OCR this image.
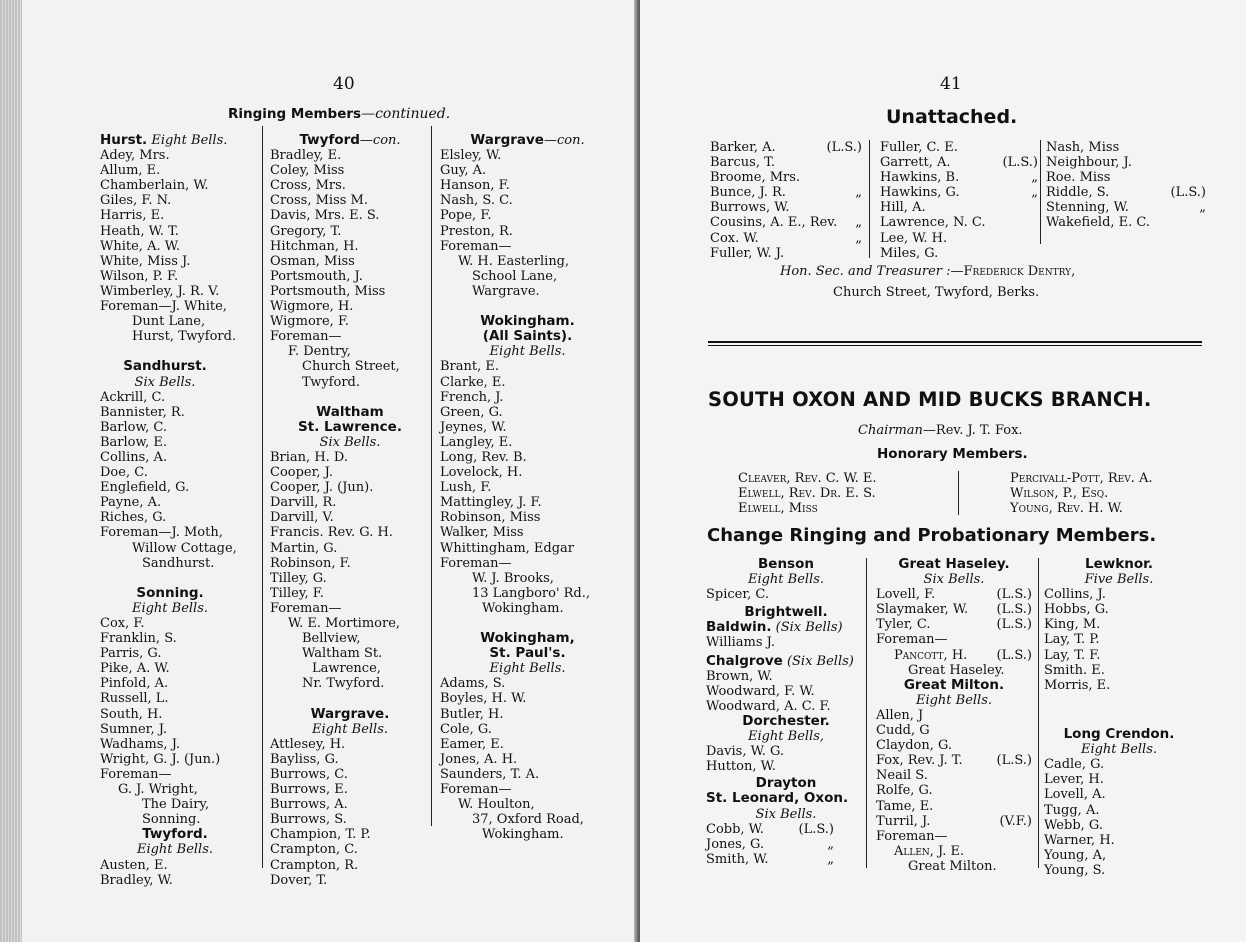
40
Ringing Members—continued.
Hurst. Eight Bells.
Adey, Mrs.
Allum, E.
Chamberlain, W.
Giles, F. N.
Harris, E.
Heath, W. T.
White, A. W.
White, Miss J.
Wilson, P. F.
Wimberley, J. R. V.
Foreman—J. White,
Dunt Lane,
Hurst, Twyford.
Sandhurst.
Six Bells.
Ackrill, C.
Bannister, R.
Barlow, C.
Barlow, E.
Collins, A.
Doe, C.
Englefield, G.
Payne, A.
Riches, G.
Foreman—J. Moth,
Willow Cottage,
Sandhurst.
Sonning.
Eight Bells.
Cox, F.
Franklin, S.
Parris, G.
Pike, A. W.
Pinfold, A.
Russell, L.
South, H.
Sumner, J.
Wadhams, J.
Wright, G. J. (Jun.)
Foreman—
G. J. Wright,
The Dairy,
Sonning.
Twyford.
Eight Bells.
Austen, E.
Bradley, W.
Twyford—con.
Bradley, E.
Coley, Miss
Cross, Mrs.
Cross, Miss M.
Davis, Mrs. E. S.
Gregory, T.
Hitchman, H.
Osman, Miss
Portsmouth, J.
Portsmouth, Miss
Wigmore, H.
Wigmore, F.
Foreman—
F. Dentry,
Church Street,
Twyford.
Waltham
St. Lawrence.
Six Bells.
Brian, H. D.
Cooper, J.
Cooper, J. (Jun).
Darvill, R.
Darvill, V.
Francis. Rev. G. H.
Martin, G.
Robinson, F.
Tilley, G.
Tilley, F.
Foreman—
W. E. Mortimore,
Bellview,
Waltham St.
Lawrence,
Nr. Twyford.
Wargrave.
Eight Bells.
Attlesey, H.
Bayliss, G.
Burrows, C.
Burrows, E.
Burrows, A.
Burrows, S.
Champion, T. P.
Crampton, C.
Crampton, R.
Dover, T.
Wargrave—con.
Elsley, W.
Guy, A.
Hanson, F.
Nash, S. C.
Pope, F.
Preston, R.
Foreman—
W. H. Easterling,
School Lane,
Wargrave.
Wokingham.
(All Saints).
Eight Bells.
Brant, E.
Clarke, E.
French, J.
Green, G.
Jeynes, W.
Langley, E.
Long, Rev. B.
Lovelock, H.
Lush, F.
Mattingley, J. F.
Robinson, Miss
Walker, Miss
Whittingham, Edgar
Foreman—
W. J. Brooks,
13 Langboro' Rd.,
Wokingham.
Wokingham,
St. Paul's.
Eight Bells.
Adams, S.
Boyles, H. W.
Butler, H.
Cole, G.
Eamer, E.
Jones, A. H.
Saunders, T. A.
Foreman—
W. Houlton,
37, Oxford Road,
Wokingham.
41
Unattached.
Barker, A.	(L.S.)
Barcus, T.
Broome, Mrs.
Bunce, J. R.	„
Burrows, W.
Cousins, A. E., Rev. „
Cox. W.	„
Fuller, W. J.
Fuller, C. E.
Garrett, A.	(L.S.)
Hawkins, B.	„
Hawkins, G.	„
Hill, A.
Lawrence, N. C.
Lee, W. H.
Miles, G.
Nash, Miss
Neighbour, J.
Roe. Miss
Riddle, S.	(L.S.)
Stenning, W.	„
Wakefield, E. C.
Hon. Sec. and Treasurer :—Frederick Dentry,
Church Street, Twyford, Berks.
SOUTH OXON AND MID BUCKS BRANCH.
Chairman—Rev. J. T. Fox.
Honorary Members.
Cleaver, Rev. C. W. E.
Elwell, Rev. Dr. E. S.
Elwell, Miss
Percivall-Pott, Rev. A.
Wilson, P., Esq.
Young, Rev. H. W.
Change Ringing and Probationary Members.
Benson
Eight Bells.
Spicer, C.
Brightwell.
Baldwin. (Six Bells)
Williams J.
Chalgrove (Six Bells)
Brown, W.
Woodward, F. W.
Woodward, A. C. F.
Dorchester.
Eight Bells,
Davis, W. G.
Hutton, W.
Drayton
St. Leonard, Oxon.
Six Bells.
Cobb, W.	(L.S.)
Jones, G.	„
Smith, W.	„
Great Haseley.
Six Bells.
Lovell, F.	(L.S.)
Slaymaker, W. (L.S.)
Tyler, C.	(L.S.)
Foreman—
Pancott, H. (L.S.)
Great Haseley.
Great Milton.
Eight Bells.
Allen, J
Cudd, G
Claydon, G.
Fox, Rev. J. T.	(L.S.)
Neail S.
Rolfe, G.
Tame, E.
Turril, J.	(V.F.)
Foreman—
Allen, J. E.
Great Milton.
Lewknor.
Five Bells.
Collins, J.
Hobbs, G.
King, M.
Lay, T. P.
Lay, T. F.
Smith. E.
Morris, E.
Long Crendon.
Eight Bells.
Cadle, G.
Lever, H.
Lovell, A.
Tugg, A.
Webb, G.
Warner, H.
Young, A,
Young, S.
